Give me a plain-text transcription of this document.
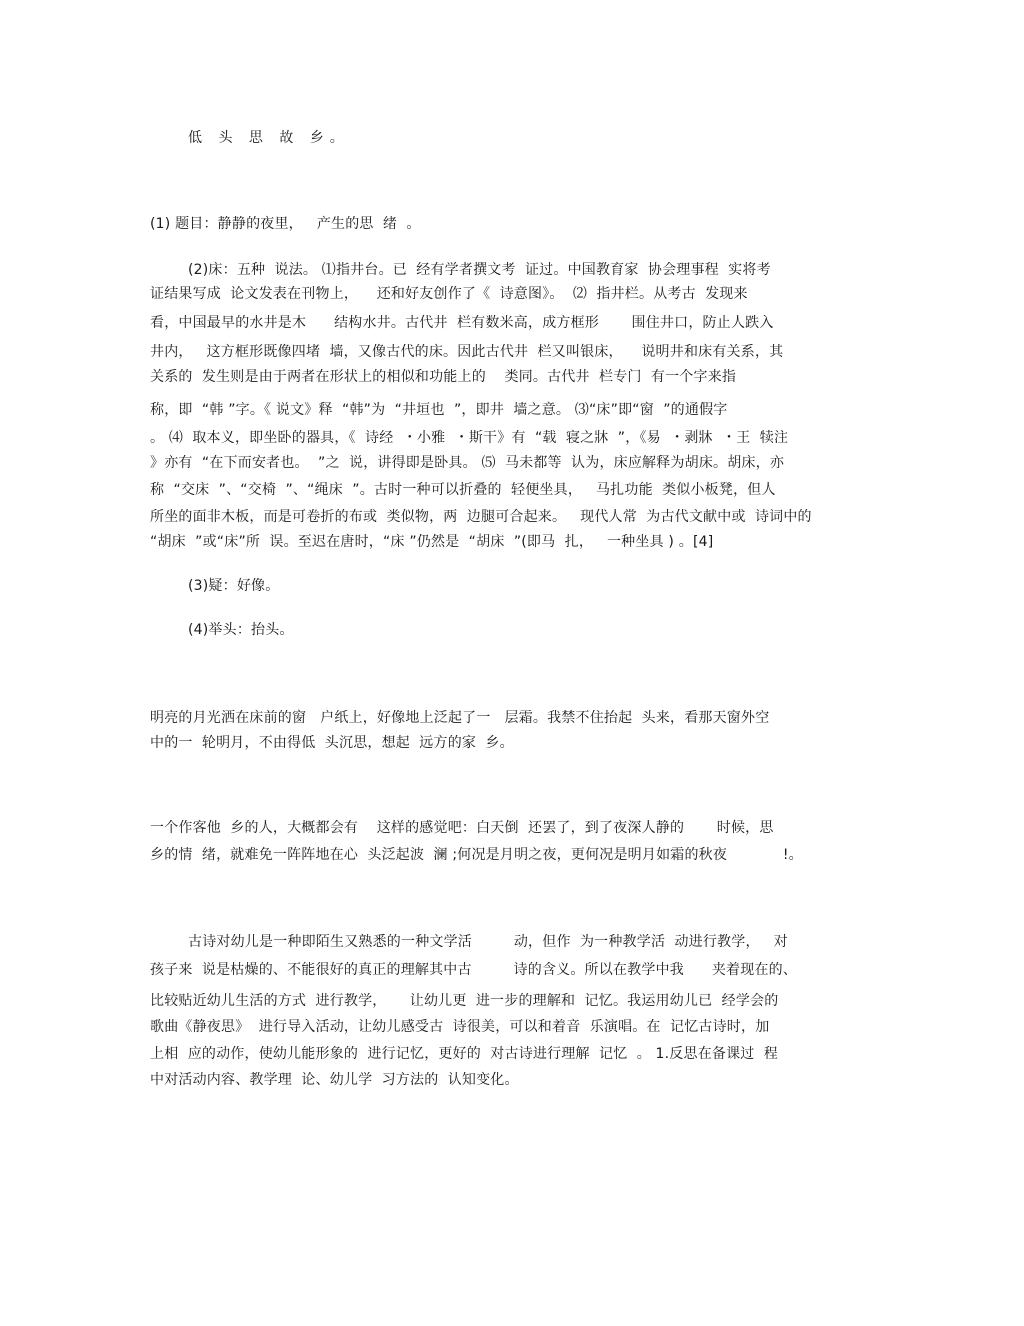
低 头 思 故 乡。
(1) 题目：静静的夜里，   产生的思  绪  。
(2)床：五种  说法。 ⑴指井台。已  经有学者撰文考  证过。中国教育家  协会理事程  实将考
证结果写成  论文发表在刊物上，    还和好友创作了《  诗意图》。  ⑵  指井栏。从考古  发现来
看，中国最早的水井是木      结构水井。古代井  栏有数米高，成方框形       围住井口，防止人跌入
井内，   这方框形既像四堵  墙，又像古代的床。因此古代井  栏又叫银床，    说明井和床有关系，其
关系的  发生则是由于两者在形状上的相似和功能上的    类同。古代井  栏专门  有一个字来指
称，即  “韩 ”字。《 说文》释  “韩”为  “井垣也  ”，即井  墙之意。 ⑶“床”即“窗  ”的通假字
。 ⑷  取本义，即坐卧的器具，《  诗经  ・小雅  ・斯干》有  “载  寝之牀  ”，《易  ・剥牀  ・王  犊注
》亦有  “在下而安者也。  ”之  说，讲得即是卧具。 ⑸  马未都等  认为，床应解释为胡床。胡床，亦
称  “交床  ”、“交椅  ”、“绳床  ”。古时一种可以折叠的  轻便坐具，   马扎功能  类似小板凳，但人
所坐的面非木板，而是可卷折的布或  类似物，两  边腿可合起来。   现代人常  为古代文献中或  诗词中的
“胡床  ”或“床”所  误。至迟在唐时，“床 ”仍然是  “胡床  ”(即马  扎，   一种坐具 ) 。[4]
(3)疑：好像。
(4)举头：抬头。
明亮的月光洒在床前的窗   户纸上，好像地上泛起了一   层霜。我禁不住抬起  头来，看那天窗外空
中的一  轮明月，不由得低  头沉思，想起  远方的家  乡。
一个作客他  乡的人，大概都会有    这样的感觉吧：白天倒  还罢了，到了夜深人静的       时候，思
乡的情  绪，就难免一阵阵地在心  头泛起波  澜 ;何况是月明之夜，更何况是明月如霜的秋夜            !。
古诗对幼儿是一种即陌生又熟悉的一种文学活         动，但作  为一种教学活  动进行教学，   对
孩子来  说是枯燥的、不能很好的真正的理解其中古         诗的含义。所以在教学中我      夹着现在的、
比较贴近幼儿生活的方式  进行教学，     让幼儿更  进一步的理解和  记忆。我运用幼儿已  经学会的
歌曲《静夜思》  进行导入活动，让幼儿感受古  诗很美，可以和着音  乐演唱。在  记忆古诗时，加
上相  应的动作，使幼儿能形象的  进行记忆，更好的  对古诗进行理解  记忆  。 1.反思在备课过  程
中对活动内容、教学理  论、幼儿学  习方法的  认知变化。
